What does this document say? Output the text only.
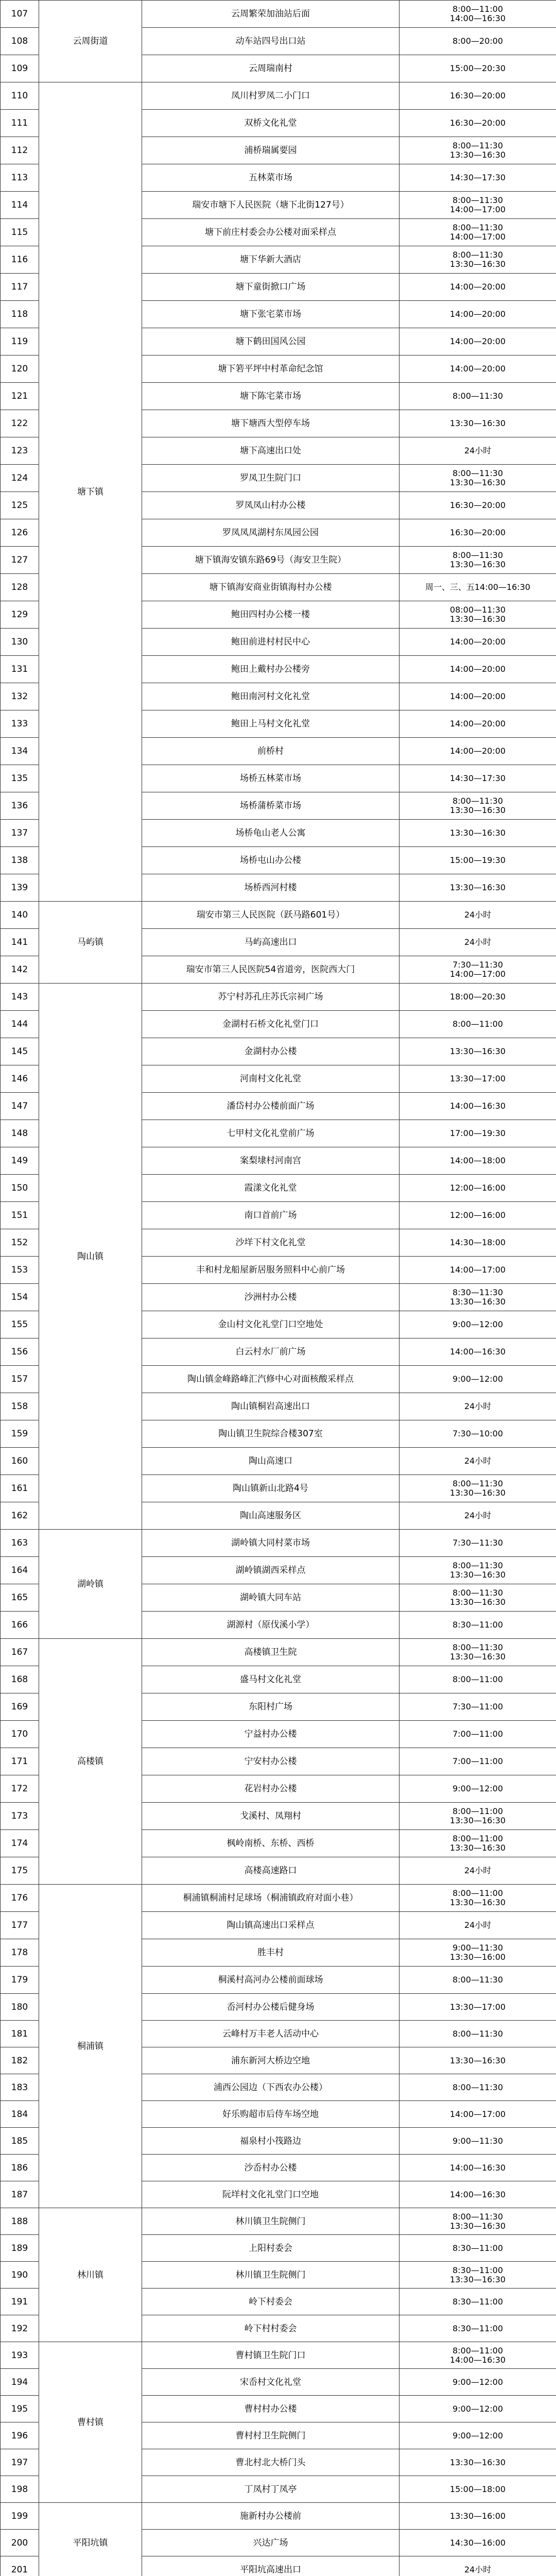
107	云周街道	云周繁荣加油站后面	8:00—11:00
14:00—16:30

108		动车站四号出口站	8:00—20:00

109		云周瑞南村	15:00—20:30

110	塘下镇	凤川村罗凤二小门口	16:30—20:00

111		双桥文化礼堂	16:30—20:00

112		浦桥瑞属要园	8:00—11:30
13:30—16:30

113		五林菜市场	14:30—17:30

114		瑞安市塘下人民医院（塘下北街127号）	8:00—11:30
14:00—17:00

115		塘下前庄村委会办公楼对面采样点	8:00—11:30
14:00—17:00

116		塘下华新大酒店	8:00—11:30
13:30—16:30

117		塘下童街掀口广场	14:00—20:00

118		塘下张宅菜市场	14:00—20:00

119		塘下鹤田国风公园	14:00—20:00

120		塘下箬平坪中村革命纪念馆	14:00—20:00

121		塘下陈宅菜市场	8:00—11:30

122		塘下塘西大型停车场	13:30—16:30

123		塘下高速出口处	24小时

124		罗凤卫生院门口	8:00—11:30
13:30—16:30

125		罗凤凤山村办公楼	16:30—20:00

126		罗凤凤凤湖村东凤园公园	16:30—20:00

127		塘下镇海安镇东路69号（海安卫生院）	8:00—11:30
13:30—16:30

128		塘下镇海安商业街镇海村办公楼	周一、三、五14:00—16:30

129		鲍田四村办公楼一楼	08:00—11:30
13:30—16:30

130		鲍田前进村村民中心	14:00—20:00

131		鲍田上戴村办公楼旁	14:00—20:00

132		鲍田南河村文化礼堂	14:00—20:00

133		鲍田上马村文化礼堂	14:00—20:00

134		前桥村	14:00—20:00

135		场桥五林菜市场	14:30—17:30

136		场桥蒲桥菜市场	8:00—11:30
13:30—16:30

137		场桥龟山老人公寓	13:30—16:30

138		场桥屯山办公楼	15:00—19:30

139		场桥西河村楼	13:30—16:30

140	马屿镇	瑞安市第三人民医院（跃马路601号）	24小时

141		马屿高速出口	24小时

142		瑞安市第三人民医院54省道旁，医院西大门	7:30—11:30
14:00—17:00

143	陶山镇	苏宁村苏孔庄苏氏宗祠广场	18:00—20:30

144		金湖村石桥文化礼堂门口	8:00—11:00

145		金湖村办公楼	13:30—16:30

146		河南村文化礼堂	13:30—17:00

147		潘岱村办公楼前面广场	14:00—16:30

148		七甲村文化礼堂前广场	17:00—19:30

149		案梨埭村河南宫	14:00—18:00

150		霞漾文化礼堂	12:00—16:00

151		南口首前广场	12:00—16:00

152		沙垟下村文化礼堂	14:30—18:00

153		丰和村龙船屋新居服务照料中心前广场	14:00—17:00

154		沙洲村办公楼	8:30—11:30
13:30—16:30

155		金山村文化礼堂门口空地处	9:00—12:00

156		白云村水厂前广场	14:00—16:30

157		陶山镇金峰路峰汇汽修中心对面核酸采样点	9:00—12:00

158		陶山镇桐岩高速出口	24小时

159		陶山镇卫生院综合楼307室	7:30—10:00

160		陶山高速口	24小时

161		陶山镇新山北路4号	8:00—11:30
13:30—16:30

162		陶山高速服务区	24小时

163	湖岭镇	湖岭镇大同村菜市场	7:30—11:30

164		湖岭镇湖西采样点	8:00—11:30
13:30—16:30

165		湖岭镇大同车站	8:00—11:30
13:30—16:30

166		湖源村（原伐溪小学）	8:30—11:00

167	高楼镇	高楼镇卫生院	8:00—11:30
13:30—16:30

168		盛马村文化礼堂	8:00—11:00

169		东阳村广场	7:30—11:00

170		宁益村办公楼	7:00—11:00

171		宁安村办公楼	7:00—11:00

172		花岩村办公楼	9:00—12:00

173		戈溪村、凤翔村	8:00—11:00
13:30—16:30

174		枫岭南桥、东桥、西桥	8:00—11:00
13:30—16:30

175		高楼高速路口	24小时

176	桐浦镇	桐浦镇桐浦村足球场（桐浦镇政府对面小巷）	8:00—11:00
13:30—16:30

177		陶山镇高速出口采样点	24小时

178		胜丰村	9:00—11:30
13:30—16:00

179		桐溪村高河办公楼前面球场	8:00—11:30

180		岙河村办公楼后健身场	13:30—17:00

181		云峰村万丰老人活动中心	8:00—11:30

182		浦东新河大桥边空地	13:30—16:30

183		浦西公园边（下西农办公楼）	8:00—11:30

184		好乐购超市后侍车场空地	14:00—17:00

185		福泉村小筏路边	9:00—11:30

186		沙岙村办公楼	14:00—16:30

187		阮垟村文化礼堂门口空地	14:00—16:30

188	林川镇	林川镇卫生院侧门	8:00—11:30
13:30—16:30

189		上阳村委会	8:30—11:00

190		林川镇卫生院侧门	8:30—11:00
13:30—16:30

191		岭下村委会	8:30—11:00

192		岭下村村委会	8:30—11:00

193	曹村镇	曹村镇卫生院门口	8:00—11:00
14:00—16:30

194		宋岙村文化礼堂	9:00—12:00

195		曹村村办公楼	9:00—12:00

196		曹村村卫生院侧门	9:00—12:00

197		曹北村北大桥门头	13:30—16:30

198		丁凤村丁凤亭	15:00—18:00

199	平阳坑镇	施新村办公楼前	13:30—16:00

200		兴达广场	14:30—16:00

201		平阳坑高速出口	24小时
